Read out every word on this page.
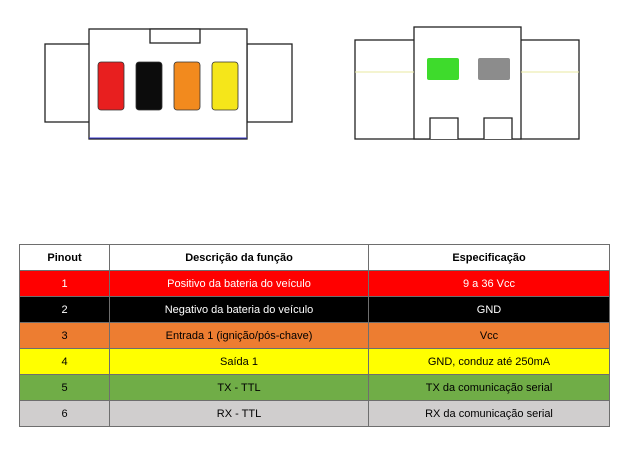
Pinout	Descrição da função	Especificação
1	Positivo da bateria do veículo	9 a 36 Vcc
2	Negativo da bateria do veículo	GND
3	Entrada 1 (ignição/pós-chave)	Vcc
4	Saída 1	GND, conduz até 250mA
5	TX - TTL	TX da comunicação serial
6	RX - TTL	RX da comunicação serial
